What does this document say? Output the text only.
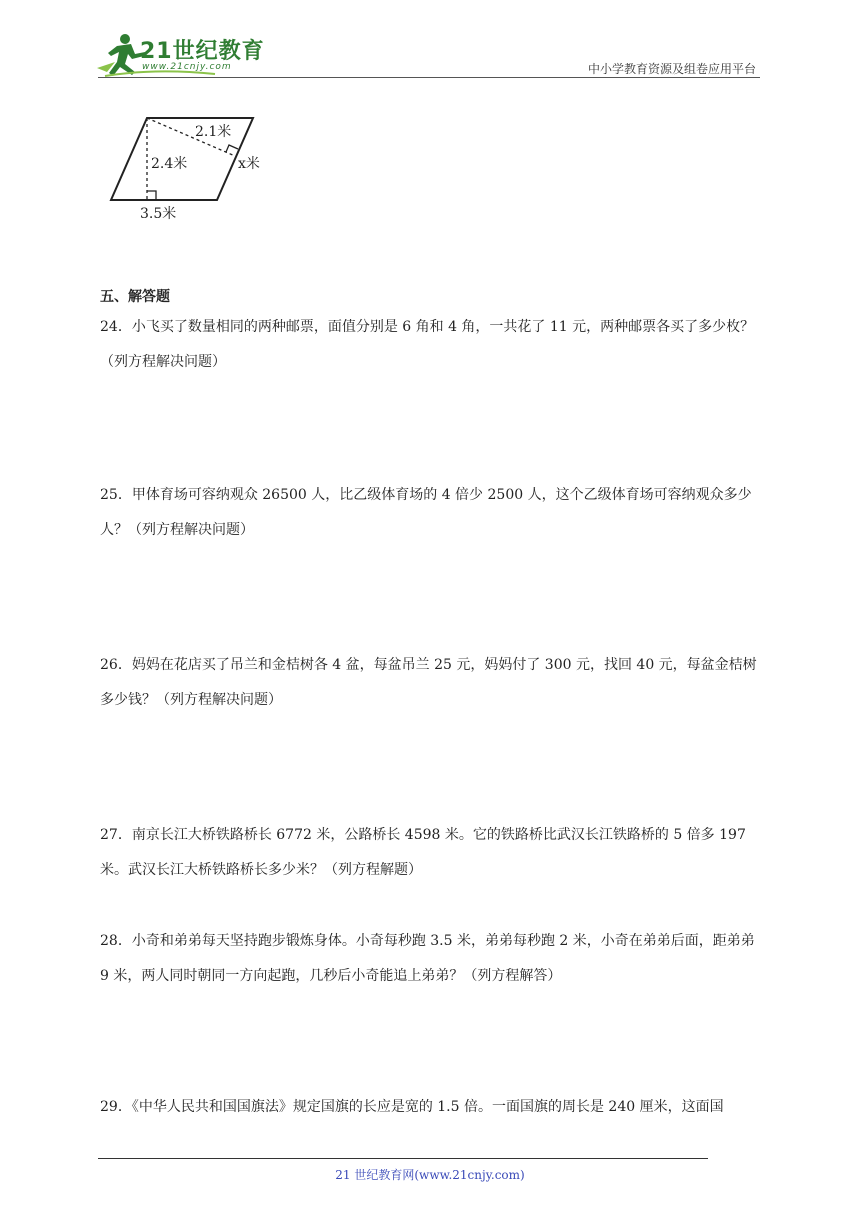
21世纪教育
www.21cnjy.com	中小学教育资源及组卷应用平台
2.1米
2.4米	x米
3.5米
五、解答题
24．小飞买了数量相同的两种邮票，面值分别是 6 角和 4 角，一共花了 11 元，两种邮票各买了多少枚？（列方程解决问题）
25．甲体育场可容纳观众 26500 人，比乙级体育场的 4 倍少 2500 人，这个乙级体育场可容纳观众多少人？（列方程解决问题）
26．妈妈在花店买了吊兰和金桔树各 4 盆，每盆吊兰 25 元，妈妈付了 300 元，找回 40 元，每盆金桔树多少钱？（列方程解决问题）
27．南京长江大桥铁路桥长 6772 米，公路桥长 4598 米。它的铁路桥比武汉长江铁路桥的 5 倍多 197 米。武汉长江大桥铁路桥长多少米？（列方程解题）
28．小奇和弟弟每天坚持跑步锻炼身体。小奇每秒跑 3.5 米，弟弟每秒跑 2 米，小奇在弟弟后面，距弟弟 9 米，两人同时朝同一方向起跑，几秒后小奇能追上弟弟？（列方程解答）
29．《中华人民共和国国旗法》规定国旗的长应是宽的 1.5 倍。一面国旗的周长是 240 厘米，这面国
21 世纪教育网(www.21cnjy.com)
